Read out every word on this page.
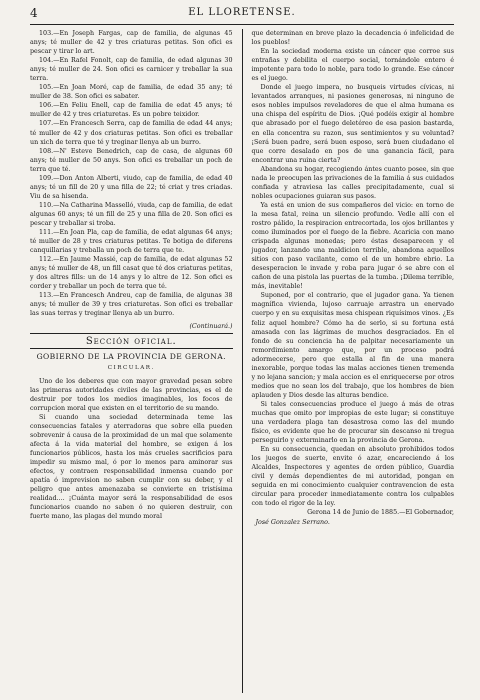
4	EL LLORETENSE.

103.—En Joseph Fargas, cap de familia, de algunas 45 anys; té muller de 42 y tres criaturas petitas. Son ofici es pescar y tirar lo art.

104.—En Rafel Fonolt, cap de familia, de edad algunas 30 anys; té muller de 24. Son ofici es carnicer y treballar la sua terra.

105.—En Joan Moré, cap de familia, de edad 35 any; té muller de 38. Son ofici es sabater.

106.—En Feliu Enell, cap de familia de edat 45 anys; té muller de 42 y tres criaturetas. Es un pobre teixidor.

107.—En Francesch Serra, cap de familia de edad 44 anys; té muller de 42 y dos criaturas petitas. Son ofici es treballar un xich de terra que té y treginar llenya ab un burro.

108.—N' Esteve Benedrich, cap de casa, de algunas 60 anys; té muller de 50 anys. Son ofici es treballar un poch de terra que té.

109.—Don Anton Alberti, viudo, cap de familia, de edad 40 anys; té un fill de 20 y una filla de 22; té criat y tres criadas. Viu de sa hisenda.

110.—Na Catharina Masselló, viuda, cap de familia, de edat algunas 60 anys; té un fill de 25 y una filla de 20. Son ofici es pescar y treballar si troba.

111.—En Joan Pla, cap de familia, de edat algunas 64 anys; té muller de 28 y tres criaturas petitas. Te botiga de diferens canquillarias y treballa un poch de terra que te.

112.—En Jaume Massié, cap de familia, de edat algunas 52 anys; té muller de 48, un fill casat que té dos criaturas petitas, y dos altres fills: un de 14 anys y lo altre de 12. Son ofici es corder y treballar un poch de terra que té.

113.—En Francesch Andreu, cap de familia, de algunas 38 anys; té muller de 39 y tres criaturetas. Son ofici es treballar las suas terras y treginar llenya ab un burro.

(Continuará.)
Sección oficial.
GOBIERNO DE LA PROVINCIA DE GERONA.
CIRCULAR.

Uno de los deberes que con mayor gravedad pesan sobre las primeras autoridades civiles de las provincias, es el de destruir por todos los medios imaginables, los focos de corrupcion moral que existen en el territorio de su mando.

Si cuando una sociedad determinada teme las consecuencias fatales y aterradoras que sobre ella pueden sobrevenir á causa de la proximidad de un mal que solamente afecta á la vida material del hombre, se exigen á los funcionarios públicos, hasta los más crueles sacrificios para impedir su mismo mal, ó por lo menos para aminorar sus efectos, y contraen responsabilidad inmensa cuando por apatía ó imprevision no saben cumplir con su deber, y el peligro que antes amenazaba se convierte en tristísima realidad.... ¡Cuánta mayor será la responsabilidad de esos funcionarios cuando no saben ó no quieren destruir, con fuerte mano, las plagas del mundo moral

que determinan en breve plazo la decadencia ó infelicidad de los pueblos!

En la sociedad moderna existe un cáncer que corroe sus entrañas y debilita el cuerpo social, tornándole entero é impotente para todo lo noble, para todo lo grande. Ese cáncer es el juego.

Donde el juego impera, no busqueis virtudes cívicas, ni levantados arranques, ni pasiones generosas, ni ninguno de esos nobles impulsos reveladores de que el alma humana es una chispa del espíritu de Dios. ¡Qué podéis exigir al hombre que abrasado por el fuego deletéreo de esa pasion bastarda, en ella concentra su razon, sus sentimientos y su voluntad? ¡Será buen padre, será buen esposo, será buen ciudadano el que corre desalado en pos de una ganancia fácil, para encontrar una ruina cierta?

Abandona su hogar, recogiendo ántes cuanto posee, sin que nada le preocupen las privaciones de la familia á sus cuidados confiada y atraviesa las calles precipitadamente, cual si nobles ocupaciones guiaran sus pasos.

Ya está en union de sus compañeros del vicio: en torno de la mesa fatal, reina un silencio profundo. Vedle allí con el rostro pálido, la respiracion entrecortada, los ojos brillantes y como iluminados por el fuego de la fiebre. Acaricia con mano crispada algunas monedas; pero éstas desaparecen y el jugador, lanzando una maldicion terrible, abandona aquellos sitios con paso vacilante, como el de un hombre ebrio. La desesperacion le invade y roba para jugar ó se abre con el cañon de una pistola las puertas de la tumba. ¡Dilema terrible, más, inevitable!

Suponed, por el contrario, que el jugador gana. Ya tienen magnífica vivienda, lujoso carruaje arrastra un enervado cuerpo y en su exquisitas mesa chispean riquísimos vinos. ¿Es feliz aquel hombre? Cómo ha de serlo, si su fortuna está amasada con las lágrimas de muchos desgraciados. En el fondo de su conciencia ha de palpitar necesariamente un remordimiento amargo que, por un proceso podrá adormecerse, pero que estalla al fin de una manera inexorable, porque todas las malas acciones tienen tremenda y no lejana sancion; y mala accion es el enriquecerse por otros medios que no sean los del trabajo, que los hombres de bien aplauden y Dios desde las alturas bendice.

Si tales consecuencias produce el juego á más de otras muchas que omito por impropias de este lugar; si constituye una verdadera plaga tan desastrosa como las del mundo físico, es evidente que he de procurar sin descanso ni tregua perseguirlo y exterminarlo en la provincia de Gerona.

En su consecuencia, quedan en absoluto prohibidos todos los juegos de suerte, envite ó azar, encareciendo á los Alcaldes, Inspectores y agentes de orden público, Guardia civil y demás dependientes de mi autoridad, pongan en seguida en mi conocimiento cualquier contravencion de esta circular para proceder inmediatamente contra los culpables con todo el rigor de la ley.

Gerona 14 de Junio de 1885.—El Gobernador,
José Gonzalez Serrano.
